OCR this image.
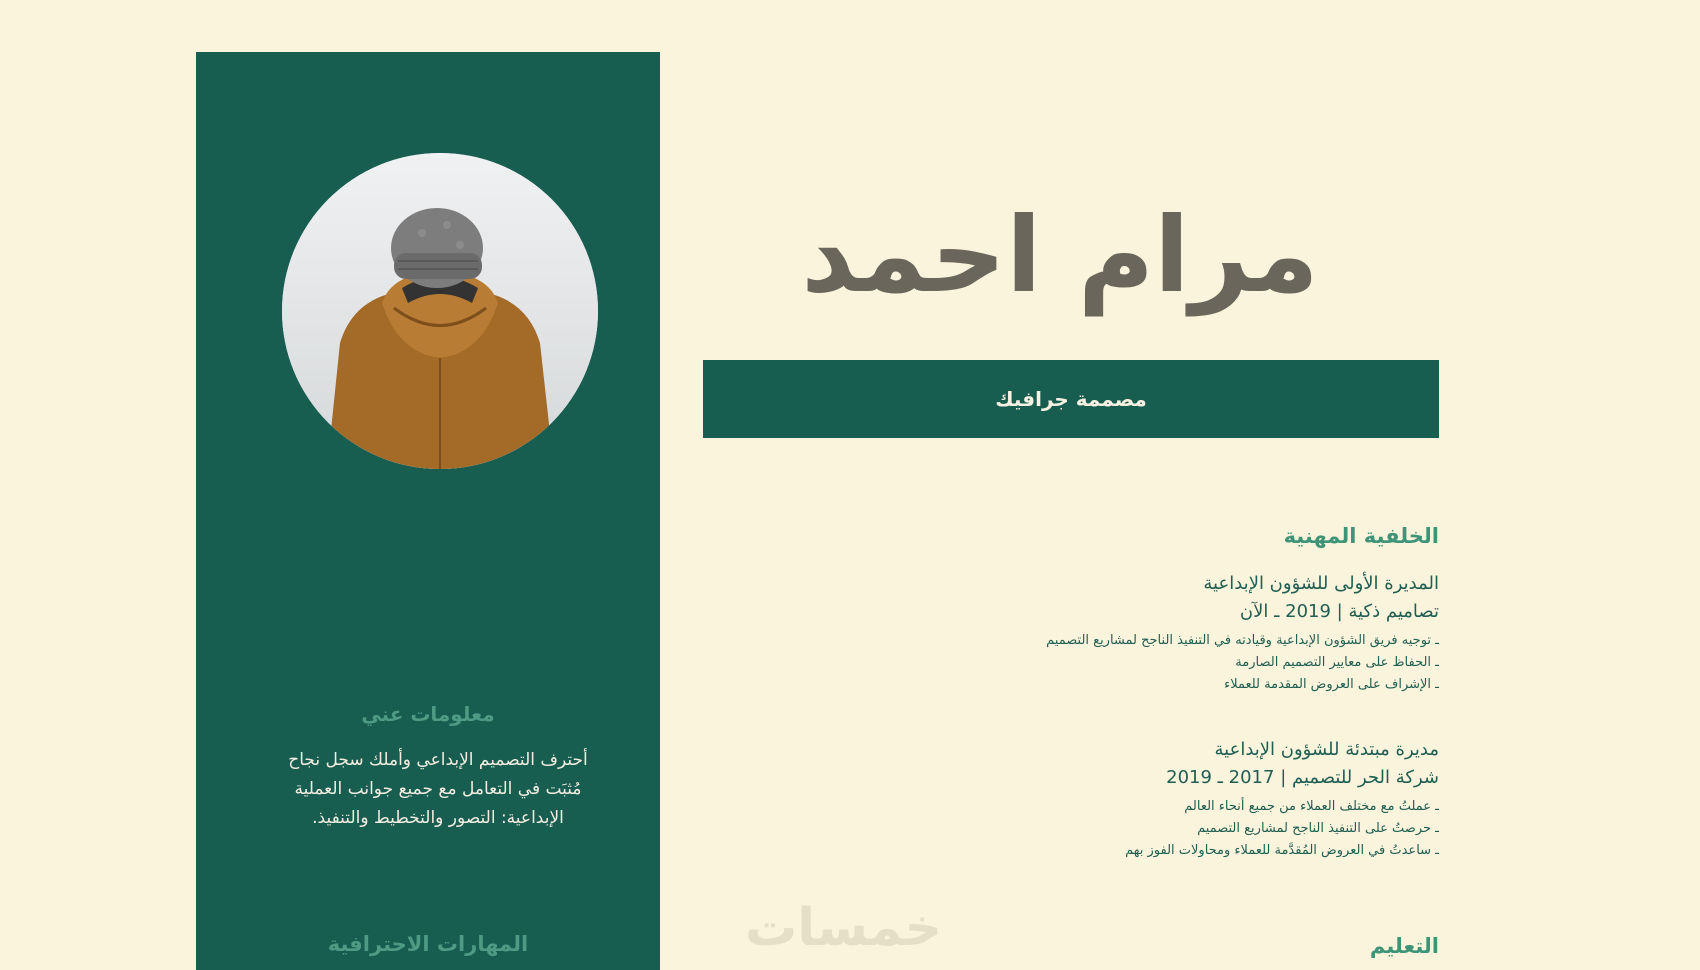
معلومات عني
أحترف التصميم الإبداعي وأملك سجل نجاح مُثبَت في التعامل مع جميع جوانب العملية الإبداعية: التصور والتخطيط والتنفيذ.
المهارات الاحترافية
مرام احمد
مصممة جرافيك
الخلفية المهنية
المديرة الأولى للشؤون الإبداعية
تصاميم ذكية | 2019 ـ الآن
ـ توجيه فريق الشؤون الإبداعية وقيادته في التنفيذ الناجح لمشاريع التصميم
ـ الحفاظ على معايير التصميم الصارمة
ـ الإشراف على العروض المقدمة للعملاء
مديرة مبتدئة للشؤون الإبداعية
شركة الحر للتصميم | 2017 ـ 2019
ـ عملتُ مع مختلف العملاء من جميع أنحاء العالم
ـ حرصتُ على التنفيذ الناجح لمشاريع التصميم
ـ ساعدتُ في العروض المُقدَّمة للعملاء ومحاولات الفوز بهم
التعليم
خمسات
